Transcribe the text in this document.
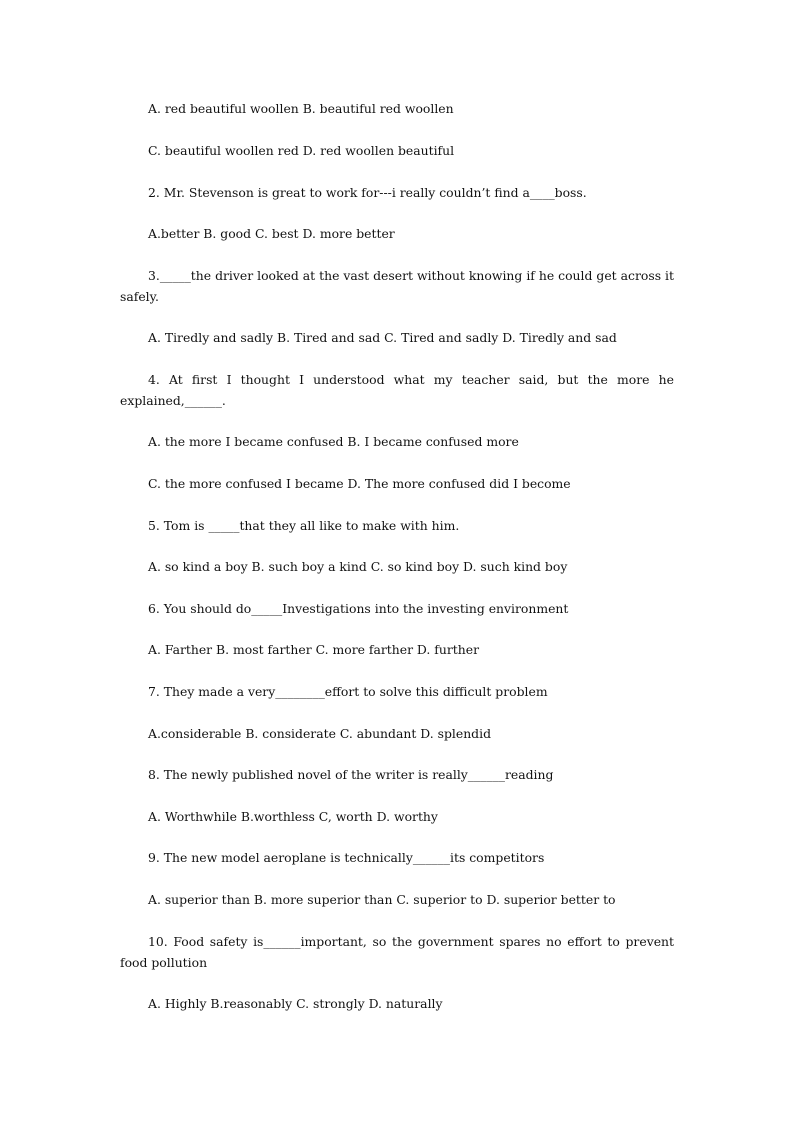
A. red beautiful woollen B. beautiful red woollen

C. beautiful woollen red D. red woollen beautiful

2. Mr. Stevenson is great to work for---i really couldn’t find a____boss.

A.better B. good C. best D. more better

3._____the driver looked at the vast desert without knowing if he could get across it safely.

A. Tiredly and sadly B. Tired and sad C. Tired and sadly D. Tiredly and sad

4. At first I thought I understood what my teacher said, but the more he explained,______.

A. the more I became confused B. I became confused more

C. the more confused I became D. The more confused did I become

5. Tom is _____that they all like to make with him.

A. so kind a boy B. such boy a kind C. so kind boy D. such kind boy

6. You should do_____Investigations into the investing environment

A. Farther B. most farther C. more farther D. further

7. They made a very________effort to solve this difficult problem

A.considerable B. considerate C. abundant D. splendid

8. The newly published novel of the writer is really______reading

A. Worthwhile B.worthless C, worth D. worthy

9. The new model aeroplane is technically______its competitors

A. superior than B. more superior than C. superior to D. superior better to

10. Food safety is______important, so the government spares no effort to prevent food pollution

A. Highly B.reasonably C. strongly D. naturally
